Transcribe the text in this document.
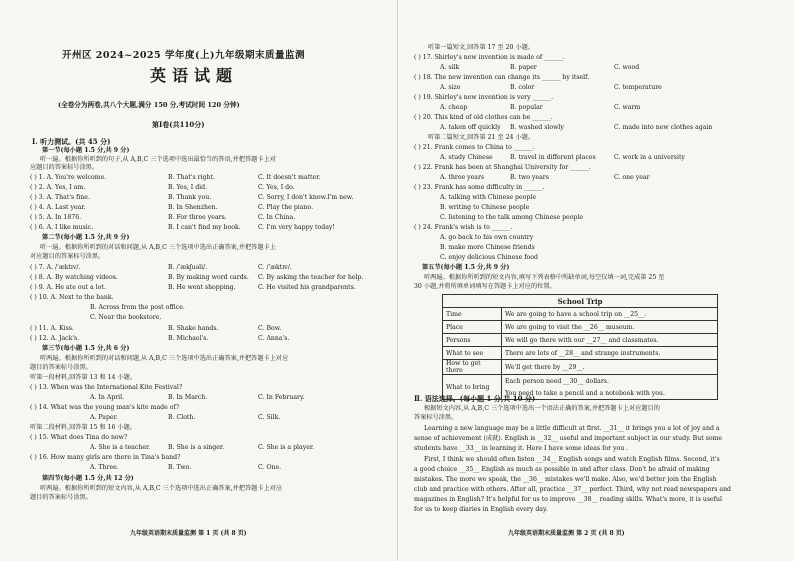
开州区 2024~2025 学年度(上)九年级期末质量监测
英语试题
(全卷分为两卷,共八个大题,满分 150 分,考试时间 120 分钟)
第Ⅰ卷(共110分)
Ⅰ. 听力测试。(共 45 分)
第一节(每小题 1.5 分,共 9 分)
听一遍。根据你所听到的句子,从 A,B,C 三个选项中选出最恰当的答语,并把答题卡上对
应题目的答案标号涂黑。
( ) 1. A. You're welcome.	B. That's right.	C. It doesn't matter.
( ) 2. A. Yes, I am.	B. Yes, I did.	C. Yes, I do.
( ) 3. A. That's fine.	B. Thank you.	C. Sorry, I don't know.I'm new.
( ) 4. A. Last year.	B. In Shenzhen.	C. Play the piano.
( ) 5. A. In 1876.	B. For three years.	C. In China.
( ) 6. A. I like music.	B. I can't find my book.	C. I'm very happy today!
第二节(每小题 1.5 分,共 9 分)
听一遍。根据你所听到的对话和问题,从 A,B,C 三个选项中选出正确答案,并把答题卡上
对应题目的答案标号涂黑。
( ) 7. A. /ˈæktɪv/.	B. /ˈækʃuəli/.	C. /ˈæktɪv/.
( ) 8. A. By watching videos.	B. By making word cards. C. By asking the teacher for help.
( ) 9. A. He ate out a lot.	B. He went shopping.	C. He visited his grandparents.
( ) 10. A. Next to the bank.
B. Across from the post office.
C. Near the bookstore.
( ) 11. A. Kiss.	B. Shake hands.	C. Bow.
( ) 12. A. Jack's.	B. Michael's.	C. Anna's.
第三节(每小题 1.5 分,共 6 分)
听两遍。根据你所听到的对话和问题,从 A,B,C 三个选项中选出正确答案,并把答题卡上对应
题目的答案标号涂黑。
听第一段材料,回答第 13 和 14 小题。
( ) 13. When was the International Kite Festival?
A. In April.	B. In March.	C. In February.
( ) 14. What was the young man's kite made of?
A. Paper.	B. Cloth.	C. Silk.
听第二段材料,回答第 15 和 16 小题。
( ) 15. What does Tina do now?
A. She is a teacher.	B. She is a singer.	C. She is a player.
( ) 16. How many girls are there in Tina's band?
A. Three.	B. Two.	C. One.
第四节(每小题 1.5 分,共 12 分)
听两遍。根据你所听到的短文内容,从 A,B,C 三个选项中选出正确答案,并把答题卡上对应
题目的答案标号涂黑。
九年级英语期末质量监测 第 1 页 (共 8 页)
听第一篇短文,回答第 17 至 20 小题。
( ) 17. Shirley's new invention is made of ______.
A. silk	B. paper	C. wood
( ) 18. The new invention can change its ______ by itself.
A. size	B. color	C. temperature
( ) 19. Shirley's new invention is very ______.
A. cheap	B. popular	C. warm
( ) 20. This kind of old clothes can be ______.
A. taken off quickly B. washed slowly	C. made into new clothes again
听第二篇短文,回答第 21 至 24 小题。
( ) 21. Frank comes to China to ______.
A. study Chinese	B. travel in different places	C. work in a university
( ) 22. Frank has been at Shanghai University for ______.
A. three years	B. two years	C. one year
( ) 23. Frank has some difficulty in ______.
A. talking with Chinese people
B. writing to Chinese people
C. listening to the talk among Chinese people
( ) 24. Frank's wish is to ______.
A. go back to his own country
B. make more Chinese friends
C. enjoy delicious Chinese food
第五节(每小题 1.5 分,共 9 分)
听两遍。根据你所听到的短文内容,填写下列表格中所缺单词,每空仅填一词,完成第 25 至
30 小题,并将所填单词填写在答题卡上对应的位置。
School Trip	
Time	We are going to have a school trip on __25__.
Place	We are going to visit the __26__ museum.
Persons	We will go there with our __27__ and classmates.
What to see	There are lots of __28__ and strange instruments.
How to get there	We'll get there by __29__.
What to bring	Each person need __30__ dollars.
	You need to take a pencil and a notebook with you.
Ⅱ. 语法选择。(每小题 1 分,共 10 分)
根据短文内容,从 A,B,C 三个选项中选出一个语法正确的答案,并把答题卡上对应题目的
答案标号涂黑。
Learning a new language may be a little difficult at first. __31__ it brings you a lot of joy and a
sense of achievement (成就). English is __32__ useful and important subject in our study. But some
students have __33__ in learning it. Here I have some ideas for you .
First, I think we should often listen __34__ English songs and watch English films. Second, it's
a good choice __35__ English as much as possible in and after class. Don't be afraid of making
mistakes. The more we speak, the __36__ mistakes we'll make. Also, we'd better join the English
club and practice with others. After all, practice __37__ perfect. Third, why not read newspapers and
magazines in English? It's helpful for us to improve __38__ reading skills. What's more, it is useful
for us to keep diaries in English every day.
九年级英语期末质量监测 第 2 页 (共 8 页)
